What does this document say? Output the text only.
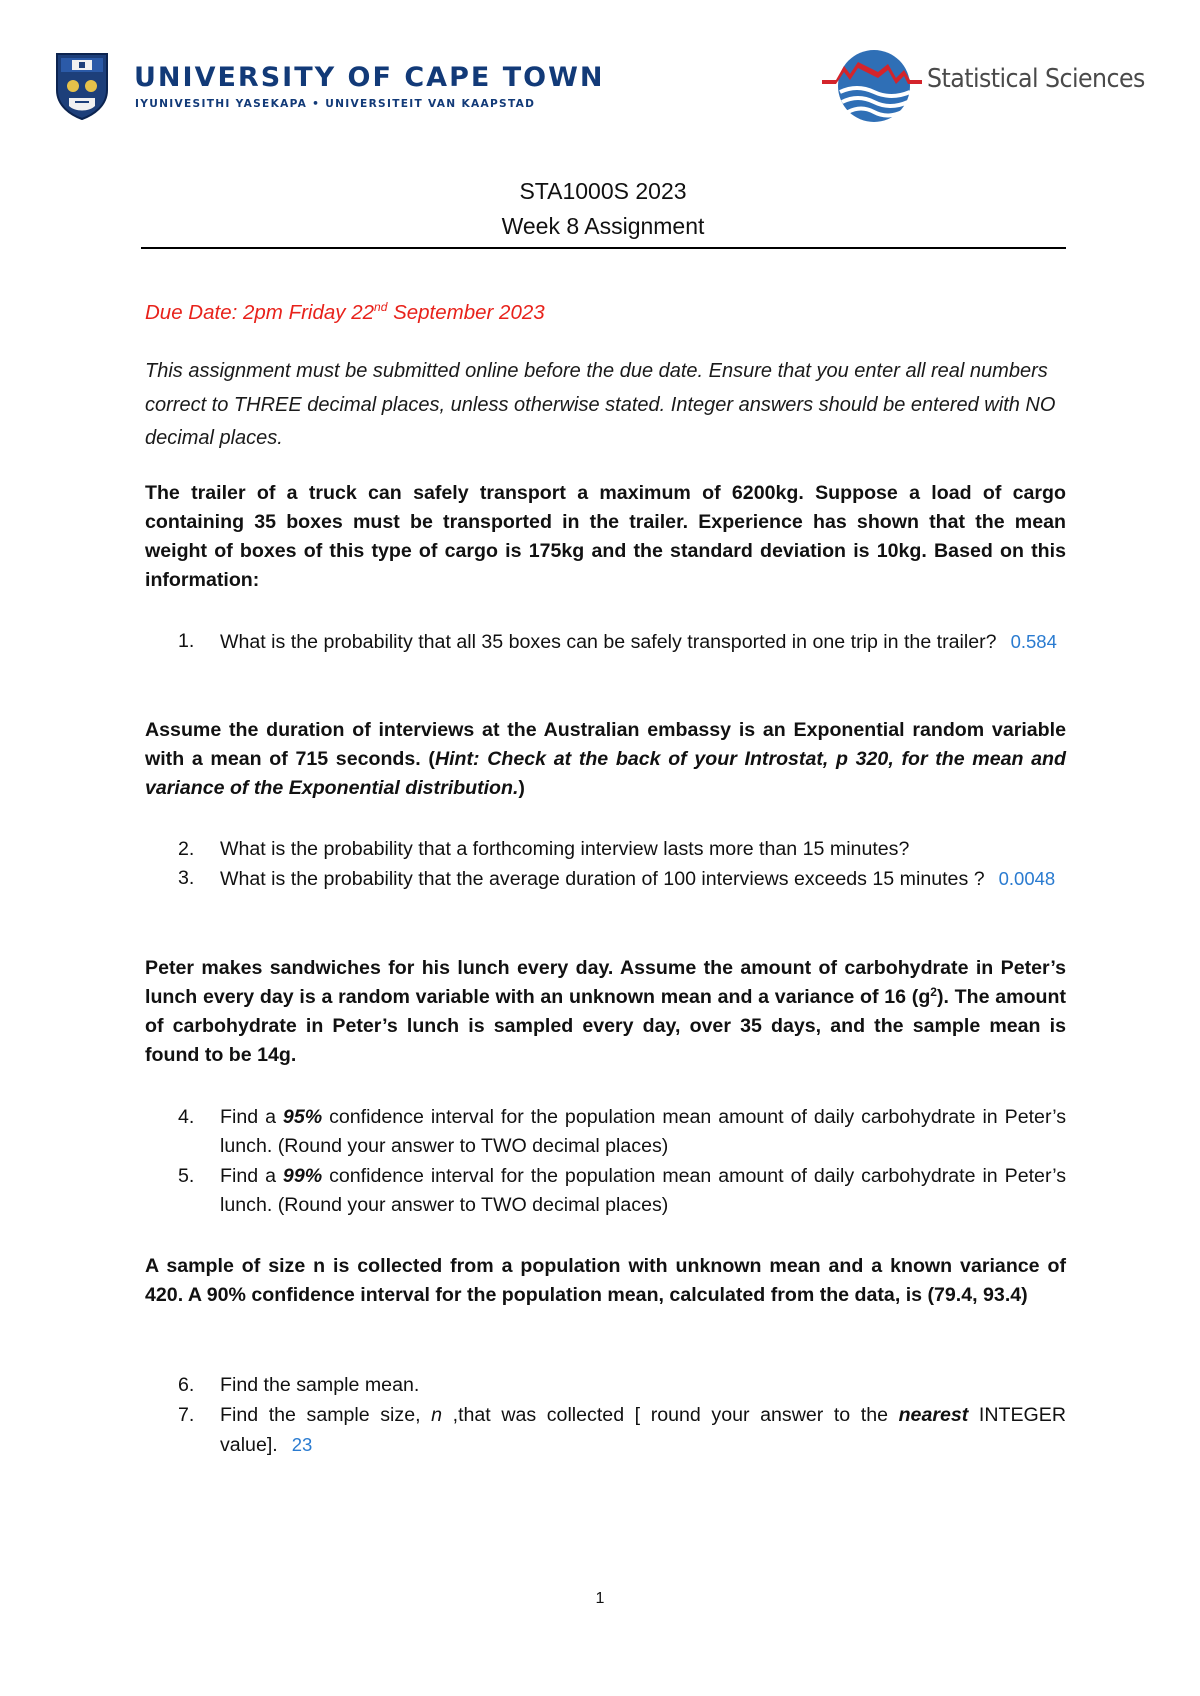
UNIVERSITY OF CAPE TOWN
IYUNIVESITHI YASEKAPA • UNIVERSITEIT VAN KAAPSTAD
Statistical Sciences
STA1000S 2023
Week 8 Assignment
Due Date: 2pm Friday 22nd September 2023
This assignment must be submitted online before the due date. Ensure that you enter all real numbers correct to THREE decimal places, unless otherwise stated. Integer answers should be entered with NO decimal places.
The trailer of a truck can safely transport a maximum of 6200kg. Suppose a load of cargo containing 35 boxes must be transported in the trailer. Experience has shown that the mean weight of boxes of this type of cargo is 175kg and the standard deviation is 10kg. Based on this information:
1. What is the probability that all 35 boxes can be safely transported in one trip in the trailer? 0.584
Assume the duration of interviews at the Australian embassy is an Exponential random variable with a mean of 715 seconds. (Hint: Check at the back of your Introstat, p 320, for the mean and variance of the Exponential distribution.)
2. What is the probability that a forthcoming interview lasts more than 15 minutes?
3. What is the probability that the average duration of 100 interviews exceeds 15 minutes ? 0.0048
Peter makes sandwiches for his lunch every day. Assume the amount of carbohydrate in Peter’s lunch every day is a random variable with an unknown mean and a variance of 16 $(g^2)$. The amount of carbohydrate in Peter’s lunch is sampled every day, over 35 days, and the sample mean is found to be 14g.
4. Find a 95% confidence interval for the population mean amount of daily carbohydrate in Peter’s lunch. (Round your answer to TWO decimal places)
5. Find a 99% confidence interval for the population mean amount of daily carbohydrate in Peter’s lunch. (Round your answer to TWO decimal places)
A sample of size n is collected from a population with unknown mean and a known variance of 420. A 90% confidence interval for the population mean, calculated from the data, is (79.4, 93.4)
6. Find the sample mean.
7. Find the sample size, n ,that was collected [ round your answer to the nearest INTEGER value]. 23
1
